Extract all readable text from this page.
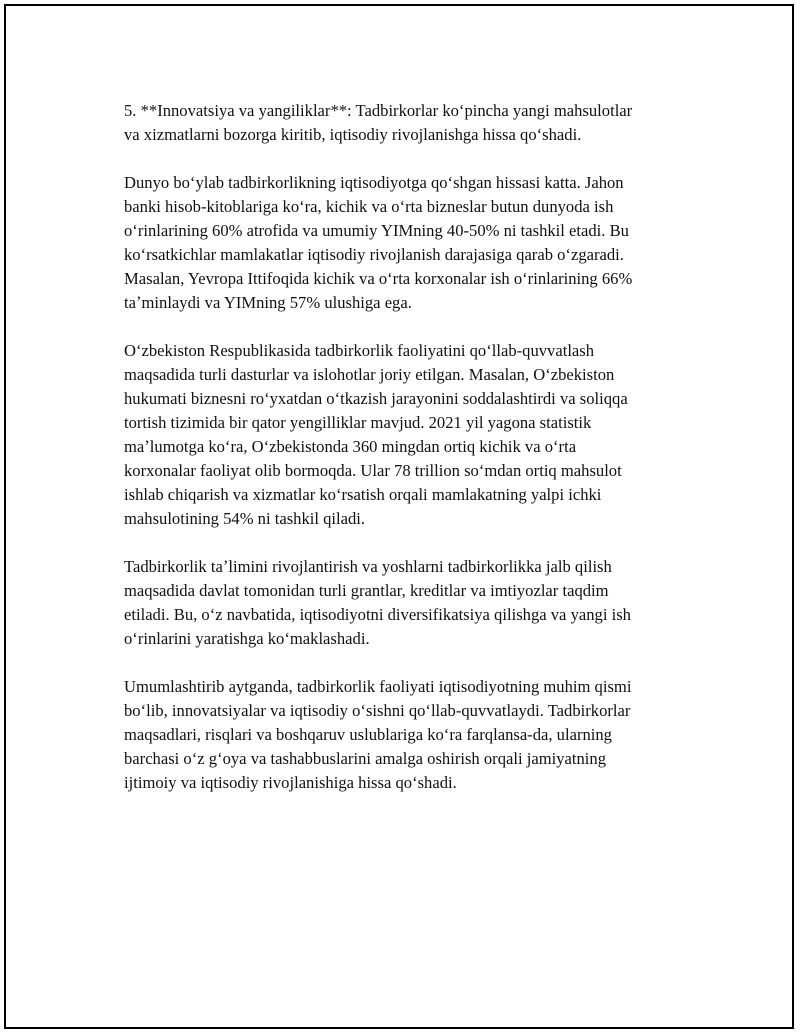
5. **Innovatsiya va yangiliklar**: Tadbirkorlar koʻpincha yangi mahsulotlar
va xizmatlarni bozorga kiritib, iqtisodiy rivojlanishga hissa qoʻshadi.

Dunyo boʻylab tadbirkorlikning iqtisodiyotga qoʻshgan hissasi katta. Jahon
banki hisob-kitoblariga koʻra, kichik va oʻrta bizneslar butun dunyoda ish
oʻrinlarining 60% atrofida va umumiy YIMning 40-50% ni tashkil etadi. Bu
koʻrsatkichlar mamlakatlar iqtisodiy rivojlanish darajasiga qarab oʻzgaradi.
Masalan, Yevropa Ittifoqida kichik va oʻrta korxonalar ish oʻrinlarining 66%
taʼminlaydi va YIMning 57% ulushiga ega.

Oʻzbekiston Respublikasida tadbirkorlik faoliyatini qoʻllab-quvvatlash
maqsadida turli dasturlar va islohotlar joriy etilgan. Masalan, Oʻzbekiston
hukumati biznesni roʻyxatdan oʻtkazish jarayonini soddalashtirdi va soliqqa
tortish tizimida bir qator yengilliklar mavjud. 2021 yil yagona statistik
maʼlumotga koʻra, Oʻzbekistonda 360 mingdan ortiq kichik va oʻrta
korxonalar faoliyat olib bormoqda. Ular 78 trillion soʻmdan ortiq mahsulot
ishlab chiqarish va xizmatlar koʻrsatish orqali mamlakatning yalpi ichki
mahsulotining 54% ni tashkil qiladi.

Tadbirkorlik taʼlimini rivojlantirish va yoshlarni tadbirkorlikka jalb qilish
maqsadida davlat tomonidan turli grantlar, kreditlar va imtiyozlar taqdim
etiladi. Bu, oʻz navbatida, iqtisodiyotni diversifikatsiya qilishga va yangi ish
oʻrinlarini yaratishga koʻmaklashadi.

Umumlashtirib aytganda, tadbirkorlik faoliyati iqtisodiyotning muhim qismi
boʻlib, innovatsiyalar va iqtisodiy oʻsishni qoʻllab-quvvatlaydi. Tadbirkorlar
maqsadlari, risqlari va boshqaruv uslublariga koʻra farqlansa-da, ularning
barchasi oʻz gʻoya va tashabbuslarini amalga oshirish orqali jamiyatning
ijtimoiy va iqtisodiy rivojlanishiga hissa qoʻshadi.
